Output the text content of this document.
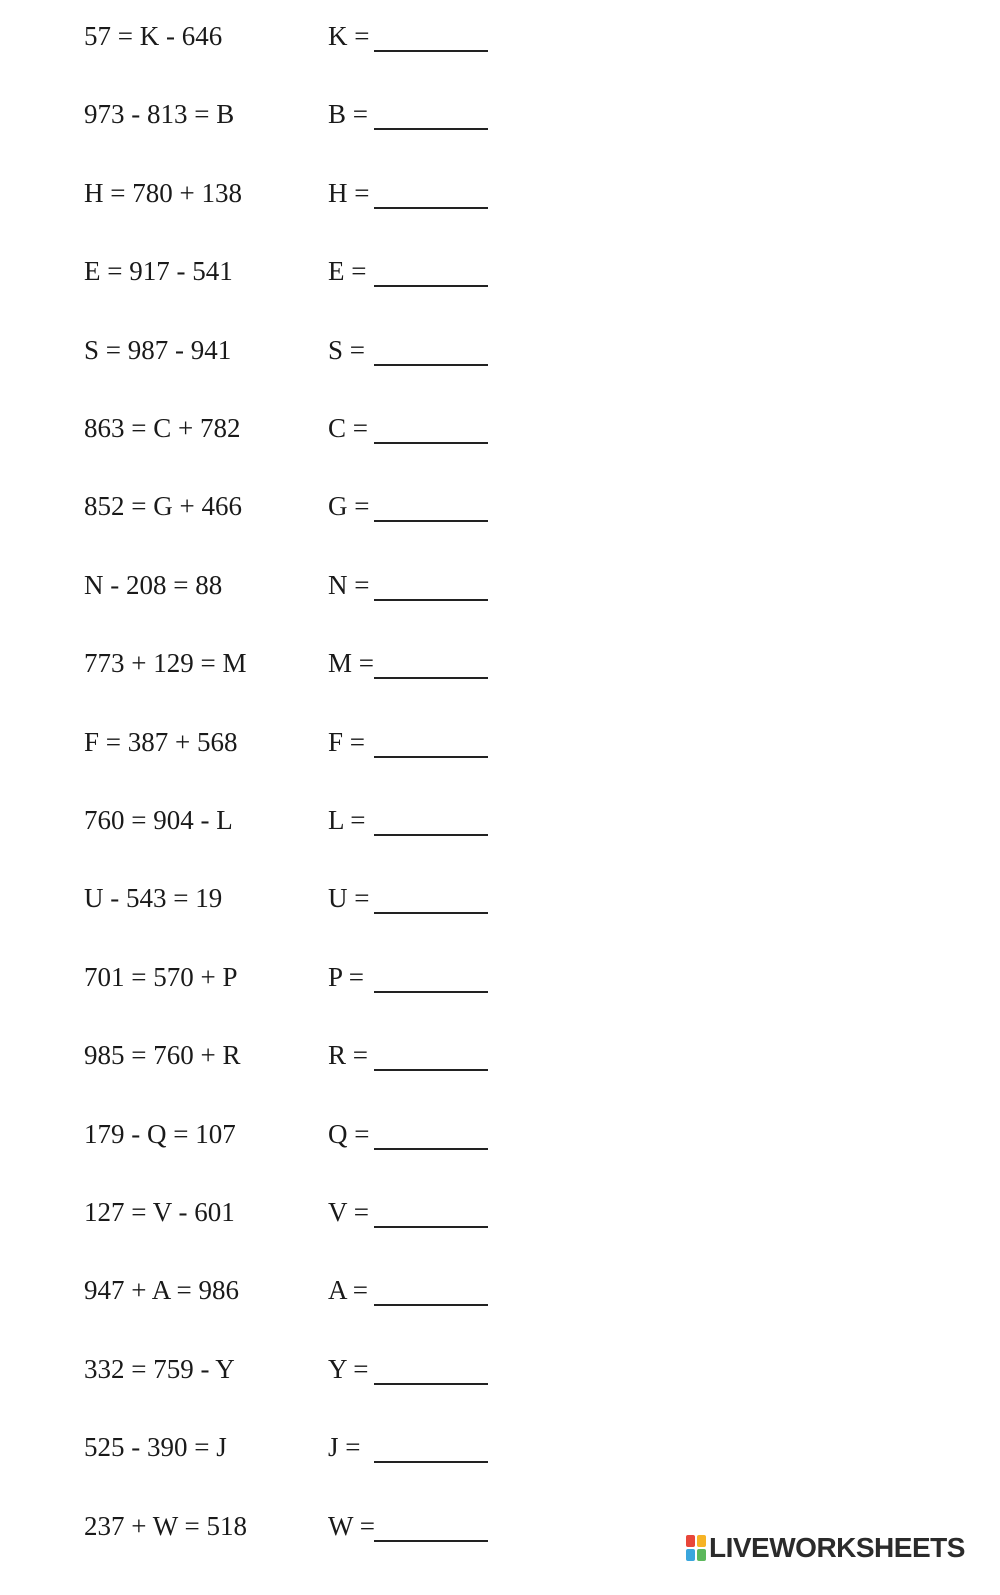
57 = K - 646	K =
973 - 813 = B	B =
H = 780 + 138	H =
E = 917 - 541	E =
S = 987 - 941	S =
863 = C + 782	C =
852 = G + 466	G =
N - 208 = 88	N =
773 + 129 = M	M =
F = 387 + 568	F =
760 = 904 - L	L =
U - 543 = 19	U =
701 = 570 + P	P =
985 = 760 + R	R =
179 - Q = 107	Q =
127 = V - 601	V =
947 + A = 986	A =
332 = 759 - Y	Y =
525 - 390 = J	J =
237 + W = 518	W =
LIVEWORKSHEETS
